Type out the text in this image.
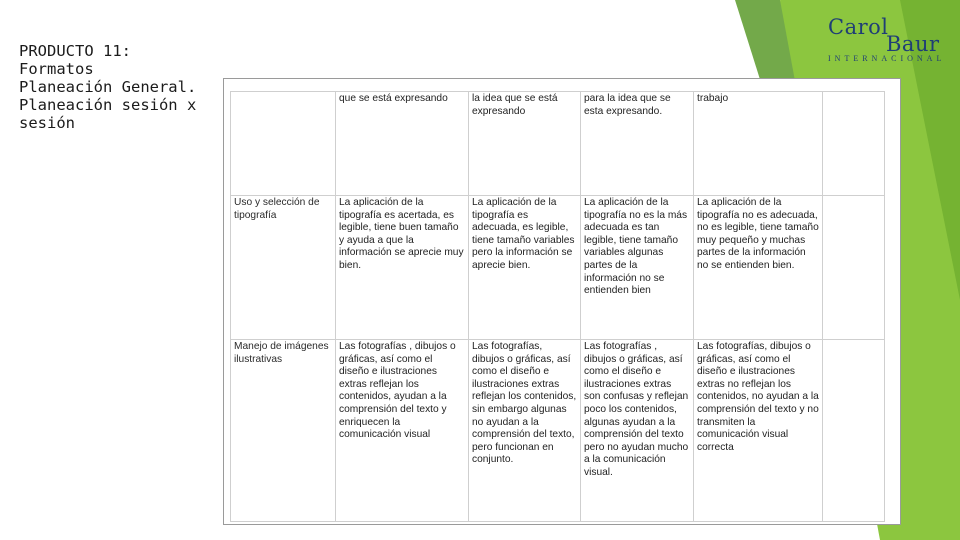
PRODUCTO 11:
Formatos
Planeación General.
Planeación sesión x
sesión
Carol
Baur
INTERNACIONAL

	que se está expresando	la idea que se está expresando	para la idea que se esta expresando.	trabajo	

Uso y selección de tipografía	La aplicación de la tipografía es acertada, es legible, tiene buen tamaño y ayuda a que la información se aprecie muy bien.	La aplicación de la tipografía es adecuada, es legible, tiene tamaño variables pero la información se aprecie bien.	La aplicación de la tipografía no es la más adecuada es tan legible, tiene tamaño variables algunas partes de la información no se entienden bien	La aplicación de la tipografía no es adecuada, no es legible, tiene tamaño muy pequeño y muchas partes de la información no se entienden bien.	

Manejo de imágenes ilustrativas	Las fotografías , dibujos o gráficas, así como el diseño e ilustraciones extras reflejan los contenidos, ayudan a la comprensión del texto y enriquecen la comunicación visual	Las fotografías, dibujos o gráficas, así como el diseño e ilustraciones extras reflejan los contenidos, sin embargo algunas no ayudan a la comprensión del texto, pero funcionan en conjunto.	Las fotografías , dibujos o gráficas, así como el diseño e ilustraciones extras son confusas y reflejan poco los contenidos, algunas ayudan a la comprensión del texto pero no ayudan mucho a la comunicación visual.	Las fotografías, dibujos o gráficas, así como el diseño e ilustraciones extras no reflejan los contenidos, no ayudan a la comprensión del texto y no transmiten la comunicación visual correcta	
